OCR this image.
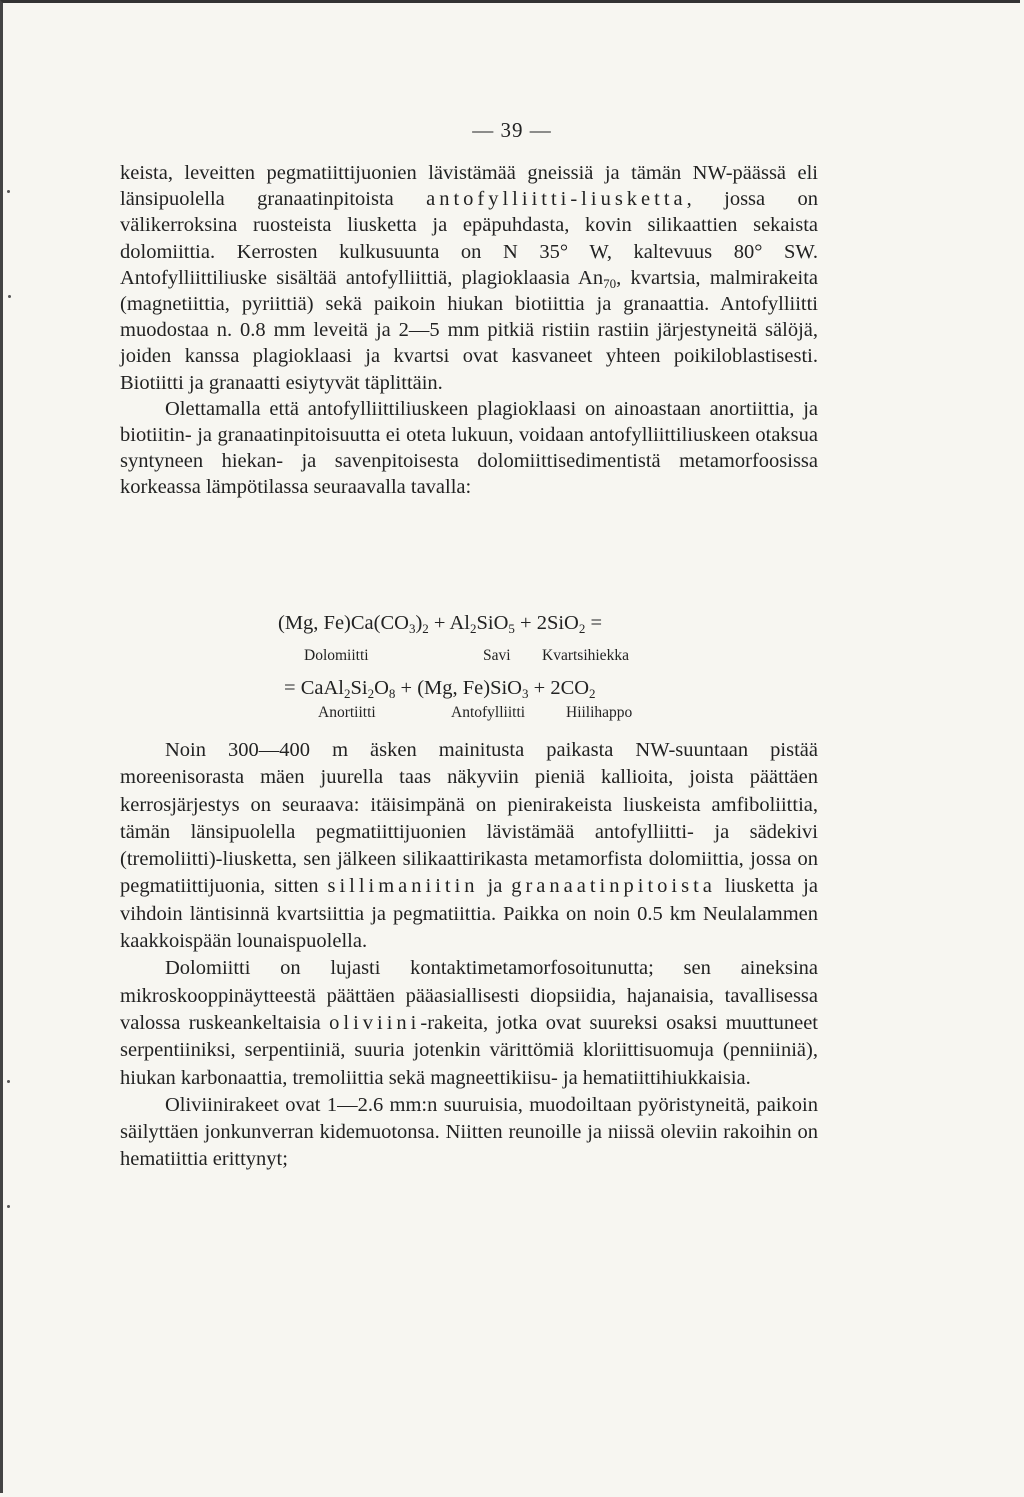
— 39 —

keista, leveitten pegmatiittijuonien lävistämää gneissiä ja tämän NW-päässä eli länsipuolella granaatinpitoista antofylliitti-liusketta, jossa on välikerroksina ruosteista liusketta ja epäpuhdasta, kovin silikaattien sekaista dolomiittia. Kerrosten kulkusuunta on N 35° W, kaltevuus 80° SW. Antofylliittiliuske sisältää antofylliittiä, plagioklaasia $An_{70}$, kvartsia, malmirakeita (magnetiittia, pyriittiä) sekä paikoin hiukan biotiittia ja granaattia. Antofylliitti muodostaa n. 0.8 mm leveitä ja 2—5 mm pitkiä ristiin rastiin järjestyneitä sälöjä, joiden kanssa plagioklaasi ja kvartsi ovat kasvaneet yhteen poikiloblastisesti. Biotiitti ja granaatti esiytyvät täplittäin.

Olettamalla että antofylliittiliuskeen plagioklaasi on ainoastaan anortiittia, ja biotiitin- ja granaatinpitoisuutta ei oteta lukuun, voidaan antofylliittiliuskeen otaksua syntyneen hiekan- ja savenpitoisesta dolomiittisedimentistä metamorfoosissa korkeassa lämpötilassa seuraavalla tavalla:

(Mg, $Fe)Ca(CO_3)_2 + Al_2SiO_5 + 2SiO_2$ =
Dolomiitti	Savi Kvartsihiekka
= $CaAl_2Si_2O_8 + (Mg$, $Fe)SiO_3 + 2CO_2$
Anortiitti	Antofylliitti	Hiilihappo

Noin 300—400 m äsken mainitusta paikasta NW-suuntaan pistää moreenisorasta mäen juurella taas näkyviin pieniä kallioita, joista päättäen kerrosjärjestys on seuraava: itäisimpänä on pienirakeista liuskeista amfiboliittia, tämän länsipuolella pegmatiittijuonien lävistämää antofylliitti- ja sädekivi (tremoliitti)-liusketta, sen jälkeen silikaattirikasta metamorfista dolomiittia, jossa on pegmatiittijuonia, sitten sillimaniitin ja granaatinpitoista liusketta ja vihdoin läntisinnä kvartsiittia ja pegmatiittia. Paikka on noin 0.5 km Neulalammen kaakkoispään lounaispuolella.

Dolomiitti on lujasti kontaktimetamorfosoitunutta; sen aineksina mikroskooppinäytteestä päättäen pääasiallisesti diopsiidia, hajanaisia, tavallisessa valossa ruskeankeltaisia oliviini-rakeita, jotka ovat suureksi osaksi muuttuneet serpentiiniksi, serpentiiniä, suuria jotenkin värittömiä kloriittisuomuja (penniiniä), hiukan karbonaattia, tremoliittia sekä magneettikiisu- ja hematiittihiukkaisia.

Oliviinirakeet ovat 1—2.6 mm:n suuruisia, muodoiltaan pyöristyneitä, paikoin säilyttäen jonkunverran kidemuotonsa. Niitten reunoille ja niissä oleviin rakoihin on hematiittia erittynyt;
